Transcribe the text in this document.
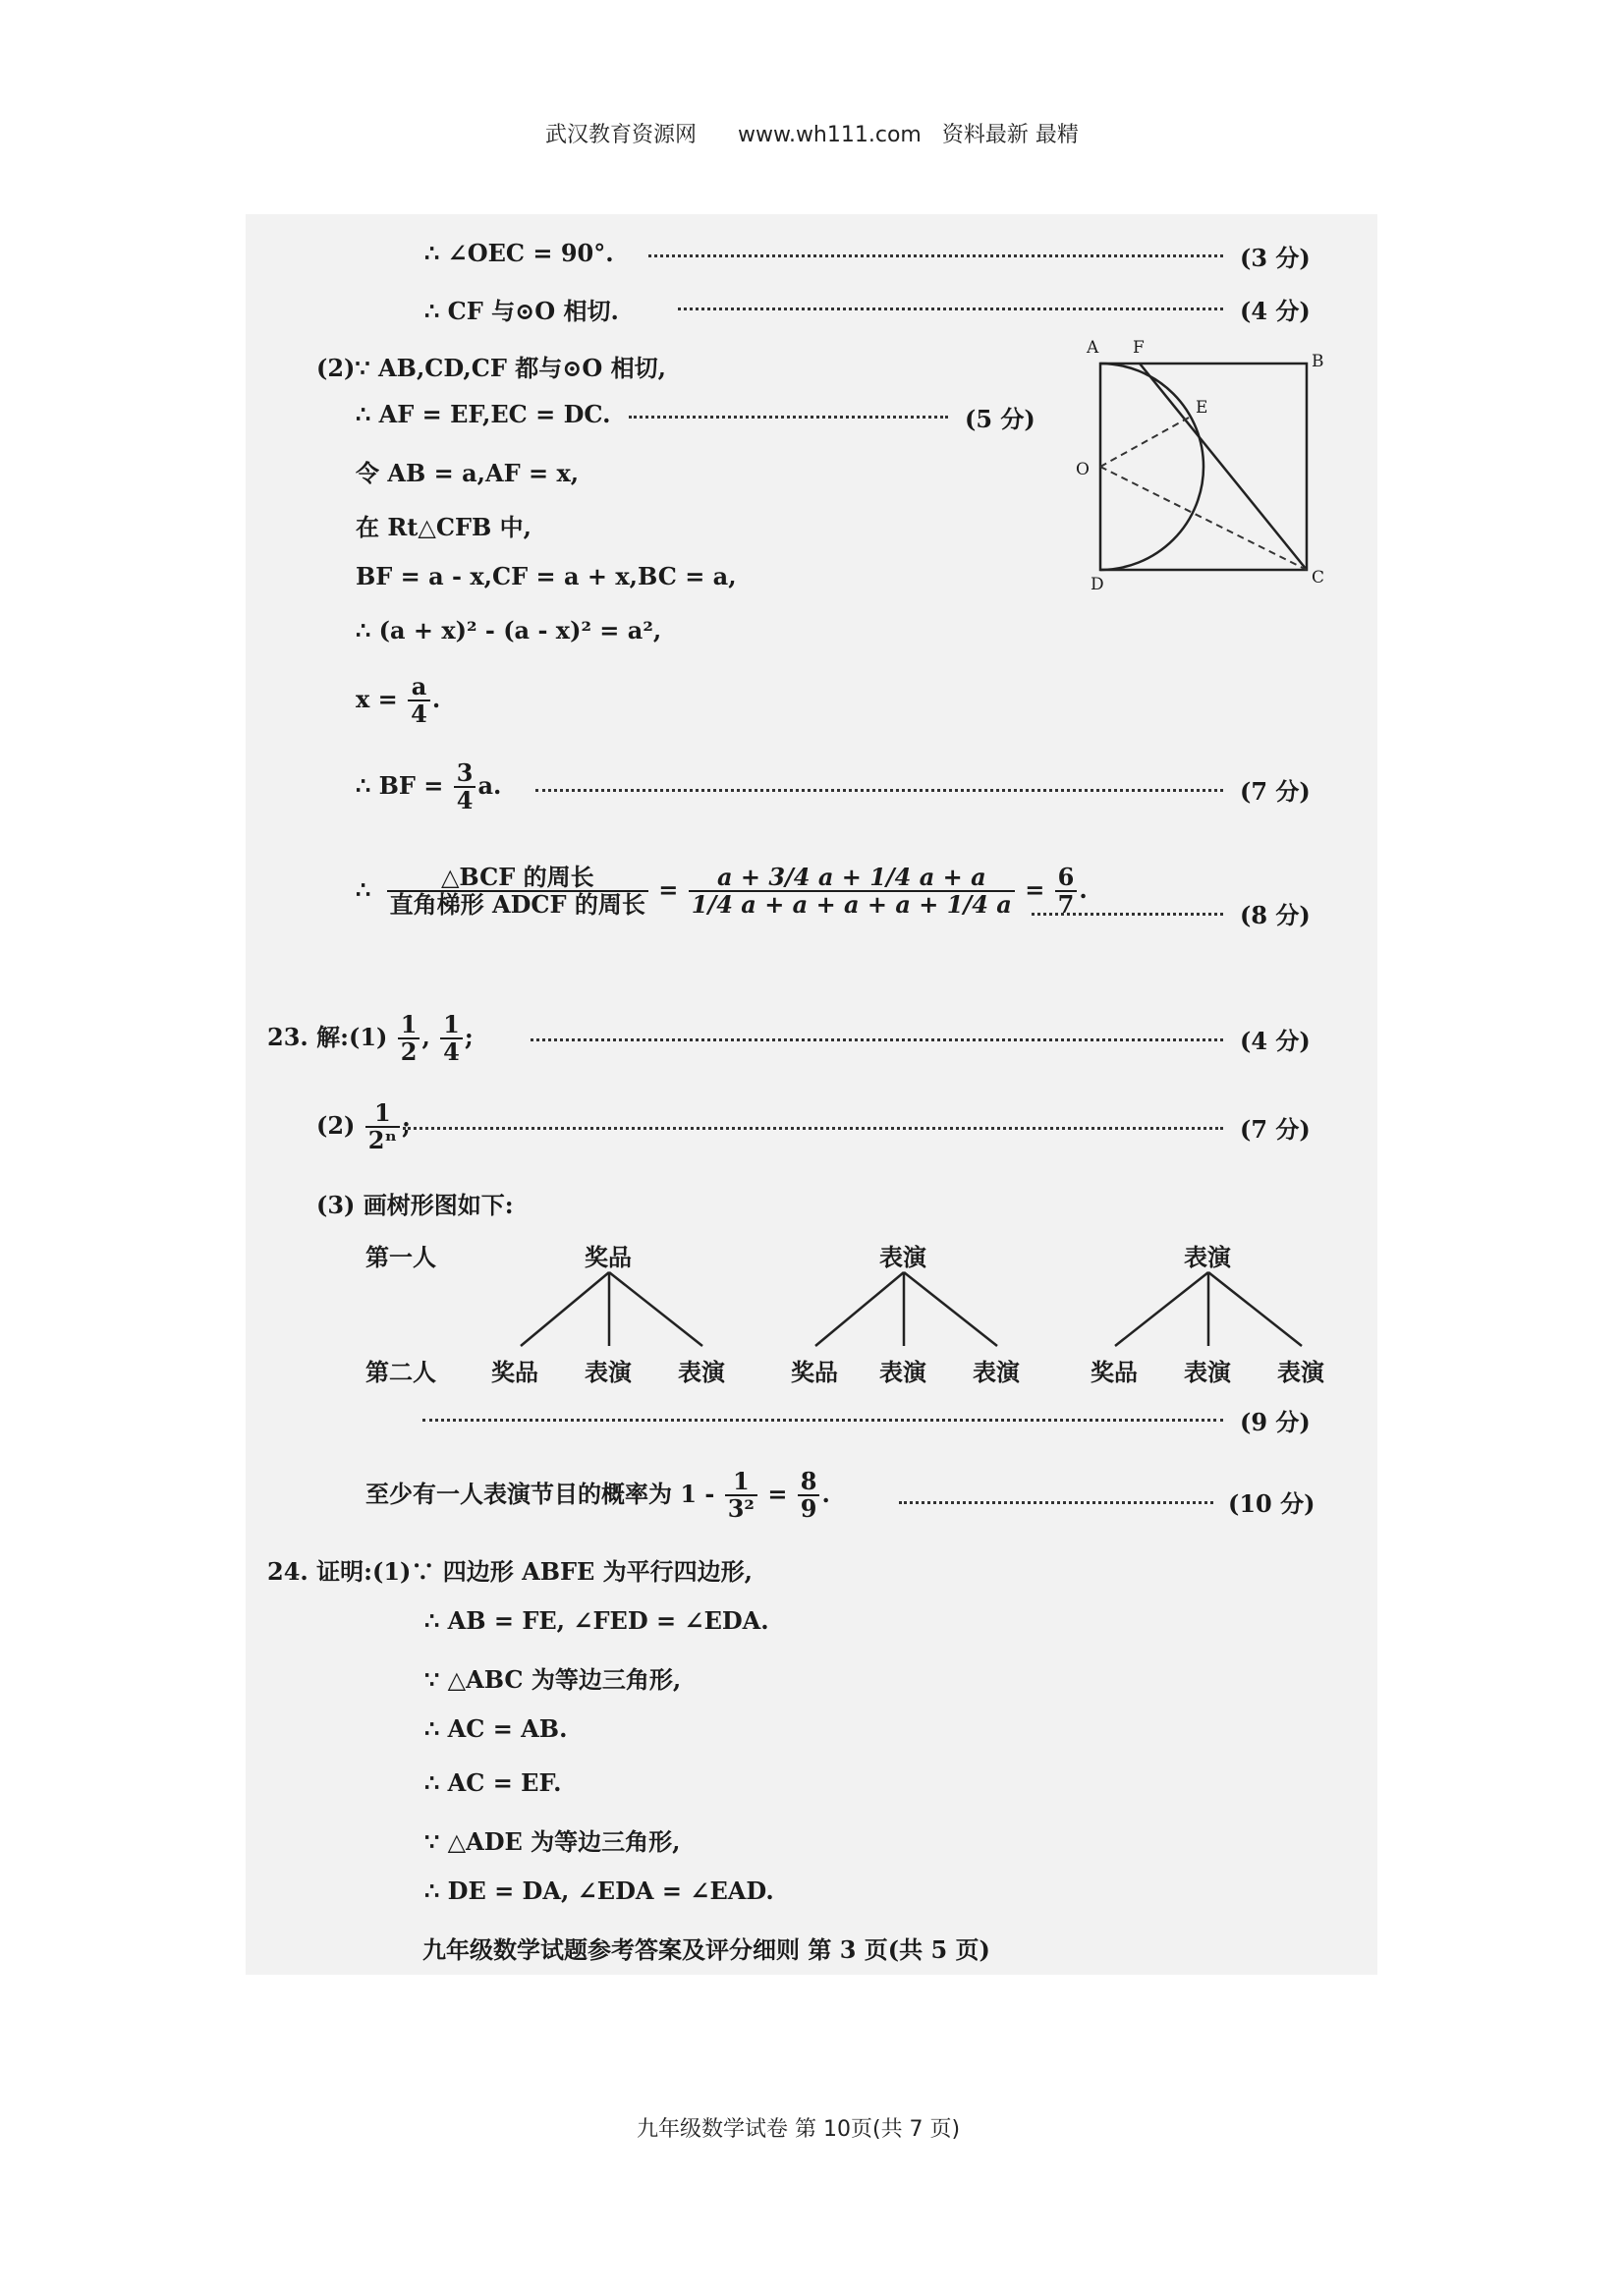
武汉教育资源网 www.wh111.com 资料最新 最精
∴ ∠OEC = 90°.	(3 分)
∴ CF 与⊙O 相切.	(4 分)
(2)∵ AB,CD,CF 都与⊙O 相切,
∴ AF = EF,EC = DC.	(5 分)
令 AB = a,AF = x,
在 Rt△CFB 中,
BF = a - x,CF = a + x,BC = a,
∴ (a + x)² - (a - x)² = a²,
$x = \frac{a}{4}$ .
∴ BF = $\frac{3}{4} a$.	(7 分)
∴ $\frac{\text{△BCF 的周长}}{\text{直角梯形 ADCF 的周长}} = \frac{a + 3/4 a + 1/4 a + a}{1/4 a + a + a + a + 1/4 a} = \frac{6}{7}$ .
(8 分)
23. 解:(1) $\frac{1}{2}$ , $\frac{1}{4}$ ;	(4 分)
$(2) \frac{1}{\text{2ⁿ}}$ ;	(7 分)
(3) 画树形图如下:
第一人
第二人
奖品	表演	表演
奖品 表演 表演	奖品 表演 表演	奖品 表演 表演
(9 分)
至少有一人表演节目的概率为 $1 - \frac{1}{\text{3²}} = \frac{8}{9}$ .	(10 分)
24. 证明:(1)∵ 四边形 ABFE 为平行四边形,
∴ AB = FE, ∠FED = ∠EDA.
∵ △ABC 为等边三角形,
∴ AC = AB.
∴ AC = EF.
∵ △ADE 为等边三角形,
∴ DE = DA, ∠EDA = ∠EAD.
九年级数学试题参考答案及评分细则 第 3 页(共 5 页)
A F
B
E
O
D	C
九年级数学试卷 第 10页(共 7 页)
